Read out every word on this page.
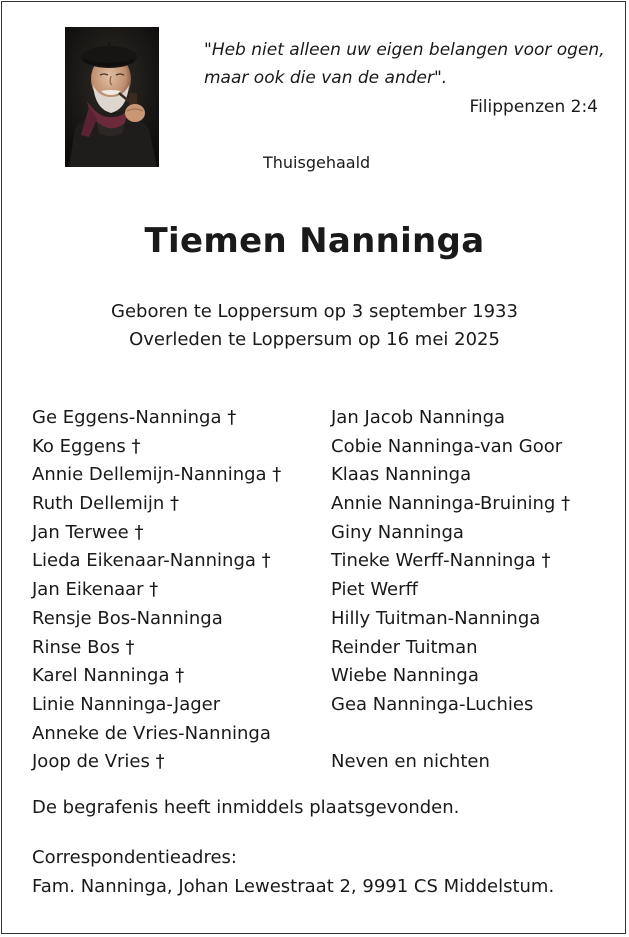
"Heb niet alleen uw eigen belangen voor ogen,
maar ook die van de ander".
Filippenzen 2:4
Thuisgehaald
Tiemen Nanninga
Geboren te Loppersum op 3 september 1933
Overleden te Loppersum op 16 mei 2025
Ge Eggens-Nanninga †
Ko Eggens †
Annie Dellemijn-Nanninga †
Ruth Dellemijn †
Jan Terwee †
Lieda Eikenaar-Nanninga †
Jan Eikenaar †
Rensje Bos-Nanninga
Rinse Bos †
Karel Nanninga †
Linie Nanninga-Jager
Anneke de Vries-Nanninga
Joop de Vries †
Jan Jacob Nanninga
Cobie Nanninga-van Goor
Klaas Nanninga
Annie Nanninga-Bruining †
Giny Nanninga
Tineke Werff-Nanninga †
Piet Werff
Hilly Tuitman-Nanninga
Reinder Tuitman
Wiebe Nanninga
Gea Nanninga-Luchies
Neven en nichten
De begrafenis heeft inmiddels plaatsgevonden.
Correspondentieadres:
Fam. Nanninga, Johan Lewestraat 2, 9991 CS Middelstum.
